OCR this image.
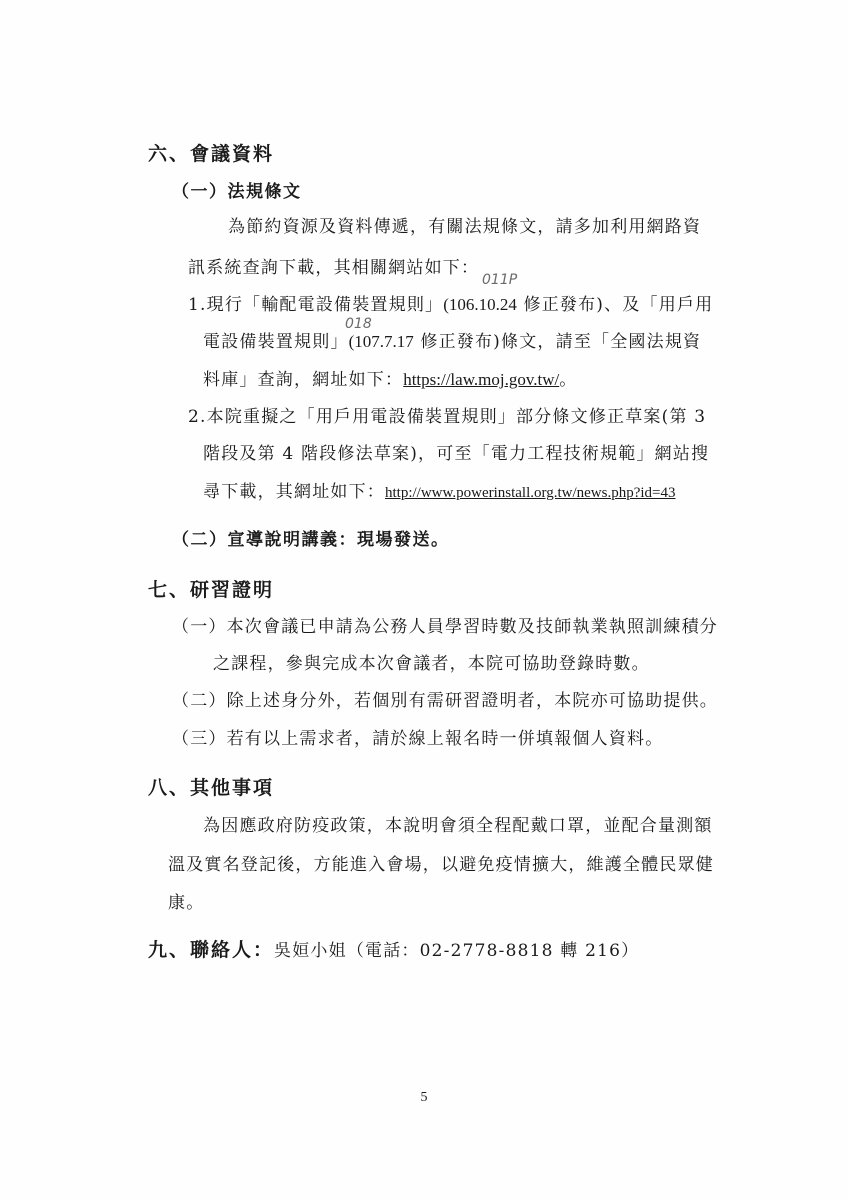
六、會議資料
（一）法規條文
為節約資源及資料傳遞，有關法規條文，請多加利用網路資
訊系統查詢下載，其相關網站如下：
011P
1.現行「輸配電設備裝置規則」(106.10.24 修正發布)、及「用戶用
018
電設備裝置規則」(107.7.17 修正發布)條文，請至「全國法規資
料庫」查詢，網址如下：https://law.moj.gov.tw/。
2.本院重擬之「用戶用電設備裝置規則」部分條文修正草案(第 3
階段及第 4 階段修法草案)，可至「電力工程技術規範」網站搜
尋下載，其網址如下：http://www.powerinstall.org.tw/news.php?id=43
（二）宣導說明講義：現場發送。
七、研習證明
（一）本次會議已申請為公務人員學習時數及技師執業執照訓練積分
之課程，參與完成本次會議者，本院可協助登錄時數。
（二）除上述身分外，若個別有需研習證明者，本院亦可協助提供。
（三）若有以上需求者，請於線上報名時一併填報個人資料。
八、其他事項
為因應政府防疫政策，本說明會須全程配戴口罩，並配合量測額
溫及實名登記後，方能進入會場，以避免疫情擴大，維護全體民眾健
康。
九、聯絡人：吳姮小姐（電話：02-2778-8818 轉 216）
5
